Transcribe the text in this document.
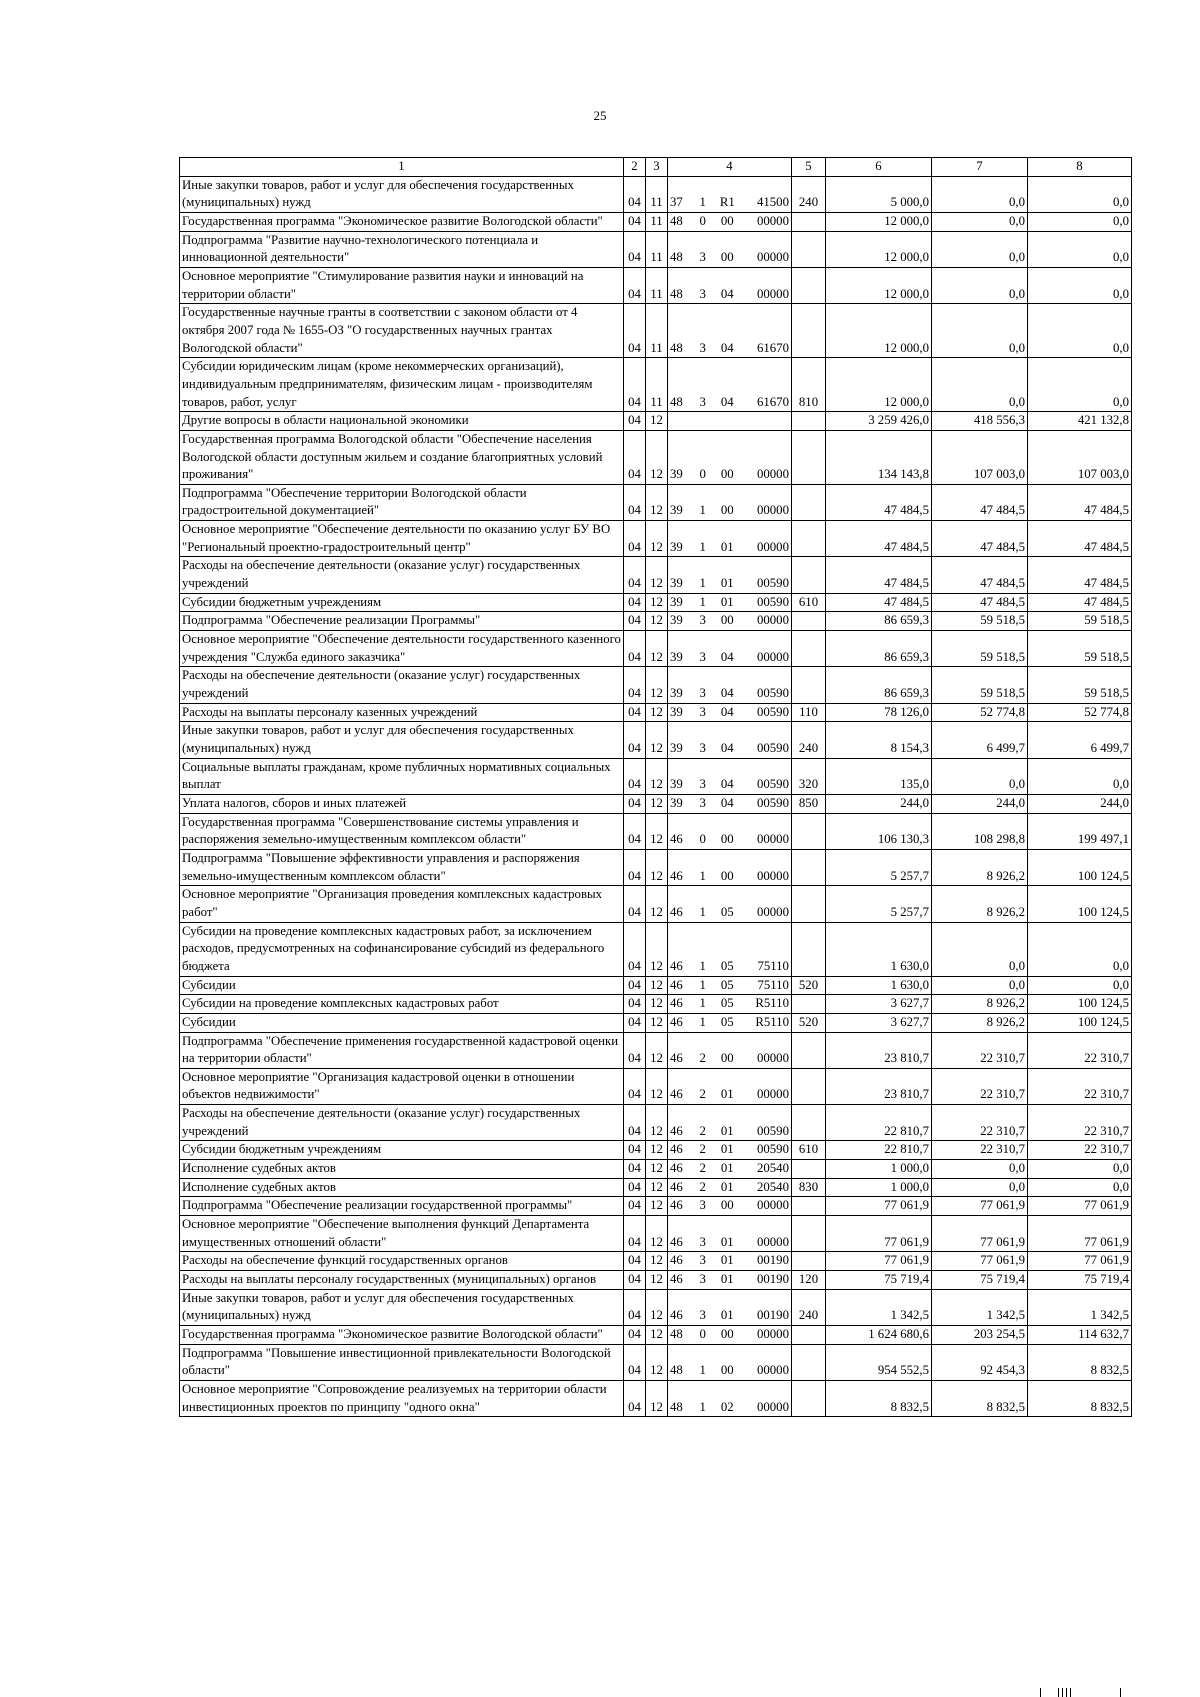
25
1	2	3	4	5	6	7	8
Иные закупки товаров, работ и услуг для обеспечения государственных (муниципальных) нужд	04	11	37 1 R1 41500	240	5 000,0	0,0	0,0
Государственная программа "Экономическое развитие Вологодской области"	04	11	48 0 00 00000		12 000,0	0,0	0,0
Подпрограмма "Развитие научно-технологического потенциала и инновационной деятельности"	04	11	48 3 00 00000		12 000,0	0,0	0,0
Основное мероприятие "Стимулирование развития науки и инноваций на территории области"	04	11	48 3 04 00000		12 000,0	0,0	0,0
Государственные научные гранты в соответствии с законом области от 4 октября 2007 года № 1655-ОЗ "О государственных научных грантах Вологодской области"	04	11	48 3 04 61670		12 000,0	0,0	0,0
Субсидии юридическим лицам (кроме некоммерческих организаций), индивидуальным предпринимателям, физическим лицам - производителям товаров, работ, услуг	04	11	48 3 04 61670	810	12 000,0	0,0	0,0
Другие вопросы в области национальной экономики	04	12			3 259 426,0	418 556,3	421 132,8
Государственная программа Вологодской области "Обеспечение населения Вологодской области доступным жильем и создание благоприятных условий проживания"	04	12	39 0 00 00000		134 143,8	107 003,0	107 003,0
Подпрограмма "Обеспечение территории Вологодской области градостроительной документацией"	04	12	39 1 00 00000		47 484,5	47 484,5	47 484,5
Основное мероприятие "Обеспечение деятельности по оказанию услуг БУ ВО "Региональный проектно-градостроительный центр"	04	12	39 1 01 00000		47 484,5	47 484,5	47 484,5
Расходы на обеспечение деятельности (оказание услуг) государственных учреждений	04	12	39 1 01 00590		47 484,5	47 484,5	47 484,5
Субсидии бюджетным учреждениям	04	12	39 1 01 00590	610	47 484,5	47 484,5	47 484,5
Подпрограмма "Обеспечение реализации Программы"	04	12	39 3 00 00000		86 659,3	59 518,5	59 518,5
Основное мероприятие "Обеспечение деятельности государственного казенного учреждения "Служба единого заказчика"	04	12	39 3 04 00000		86 659,3	59 518,5	59 518,5
Расходы на обеспечение деятельности (оказание услуг) государственных учреждений	04	12	39 3 04 00590		86 659,3	59 518,5	59 518,5
Расходы на выплаты персоналу казенных учреждений	04	12	39 3 04 00590	110	78 126,0	52 774,8	52 774,8
Иные закупки товаров, работ и услуг для обеспечения государственных (муниципальных) нужд	04	12	39 3 04 00590	240	8 154,3	6 499,7	6 499,7
Социальные выплаты гражданам, кроме публичных нормативных социальных выплат	04	12	39 3 04 00590	320	135,0	0,0	0,0
Уплата налогов, сборов и иных платежей	04	12	39 3 04 00590	850	244,0	244,0	244,0
Государственная программа "Совершенствование системы управления и распоряжения земельно-имущественным комплексом области"	04	12	46 0 00 00000		106 130,3	108 298,8	199 497,1
Подпрограмма "Повышение эффективности управления и распоряжения земельно-имущественным комплексом области"	04	12	46 1 00 00000		5 257,7	8 926,2	100 124,5
Основное мероприятие "Организация проведения комплексных кадастровых работ"	04	12	46 1 05 00000		5 257,7	8 926,2	100 124,5
Субсидии на проведение комплексных кадастровых работ, за исключением расходов, предусмотренных на софинансирование субсидий из федерального бюджета	04	12	46 1 05 75110		1 630,0	0,0	0,0
Субсидии	04	12	46 1 05 75110	520	1 630,0	0,0	0,0
Субсидии на проведение комплексных кадастровых работ	04	12	46 1 05 R5110		3 627,7	8 926,2	100 124,5
Субсидии	04	12	46 1 05 R5110	520	3 627,7	8 926,2	100 124,5
Подпрограмма "Обеспечение применения государственной кадастровой оценки на территории области"	04	12	46 2 00 00000		23 810,7	22 310,7	22 310,7
Основное мероприятие "Организация кадастровой оценки в отношении объектов недвижимости"	04	12	46 2 01 00000		23 810,7	22 310,7	22 310,7
Расходы на обеспечение деятельности (оказание услуг) государственных учреждений	04	12	46 2 01 00590		22 810,7	22 310,7	22 310,7
Субсидии бюджетным учреждениям	04	12	46 2 01 00590	610	22 810,7	22 310,7	22 310,7
Исполнение судебных актов	04	12	46 2 01 20540		1 000,0	0,0	0,0
Исполнение судебных актов	04	12	46 2 01 20540	830	1 000,0	0,0	0,0
Подпрограмма "Обеспечение реализации государственной программы"	04	12	46 3 00 00000		77 061,9	77 061,9	77 061,9
Основное мероприятие "Обеспечение выполнения функций Департамента имущественных отношений области"	04	12	46 3 01 00000		77 061,9	77 061,9	77 061,9
Расходы на обеспечение функций государственных органов	04	12	46 3 01 00190		77 061,9	77 061,9	77 061,9
Расходы на выплаты персоналу государственных (муниципальных) органов	04	12	46 3 01 00190	120	75 719,4	75 719,4	75 719,4
Иные закупки товаров, работ и услуг для обеспечения государственных (муниципальных) нужд	04	12	46 3 01 00190	240	1 342,5	1 342,5	1 342,5
Государственная программа "Экономическое развитие Вологодской области"	04	12	48 0 00 00000		1 624 680,6	203 254,5	114 632,7
Подпрограмма "Повышение инвестиционной привлекательности Вологодской области"	04	12	48 1 00 00000		954 552,5	92 454,3	8 832,5
Основное мероприятие "Сопровождение реализуемых на территории области инвестиционных проектов по принципу "одного окна"	04	12	48 1 02 00000		8 832,5	8 832,5	8 832,5
